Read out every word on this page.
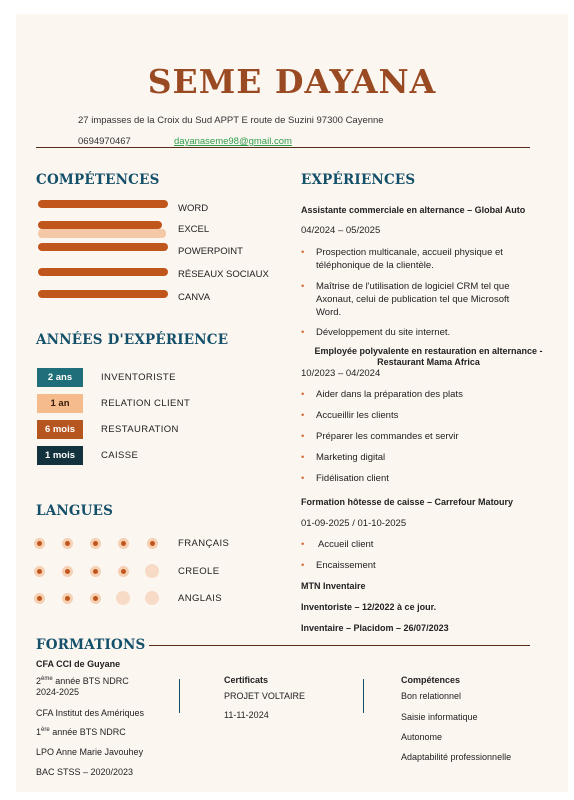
SEME DAYANA
27 impasses de la Croix du Sud APPT E route de Suzini 97300 Cayenne
0694970467	dayanaseme98@gmail.com
COMPÉTENCES
WORD
EXCEL
POWERPOINT
RÉSEAUX SOCIAUX
CANVA
ANNÉES D'EXPÉRIENCE
2 ans	INVENTORISTE
1 an	RELATION CLIENT
6 mois	RESTAURATION
1 mois	CAISSE
LANGUES
FRANÇAIS
CREOLE
ANGLAIS
EXPÉRIENCES
Assistante commerciale en alternance – Global Auto
04/2024 – 05/2025
•	Prospection multicanale, accueil physique et téléphonique de la clientèle.
•	Maîtrise de l'utilisation de logiciel CRM tel que Axonaut, celui de publication tel que Microsoft Word.
•	Développement du site internet.
Employée polyvalente en restauration en alternance - Restaurant Mama Africa
10/2023 – 04/2024
•	Aider dans la préparation des plats
•	Accueillir les clients
•	Préparer les commandes et servir
•	Marketing digital
•	Fidélisation client
Formation hôtesse de caisse – Carrefour Matoury
01-09-2025 / 01-10-2025
•	Accueil client
•	Encaissement
MTN Inventaire
Inventoriste – 12/2022 à ce jour.
Inventaire – Placidom – 26/07/2023
FORMATIONS
CFA CCI de Guyane
2ème année BTS NDRC
2024-2025
CFA Institut des Amériques
1ère année BTS NDRC
LPO Anne Marie Javouhey
BAC STSS – 2020/2023
Certificats
PROJET VOLTAIRE
11-11-2024
Compétences
Bon relationnel
Saisie informatique
Autonome
Adaptabilité professionnelle
